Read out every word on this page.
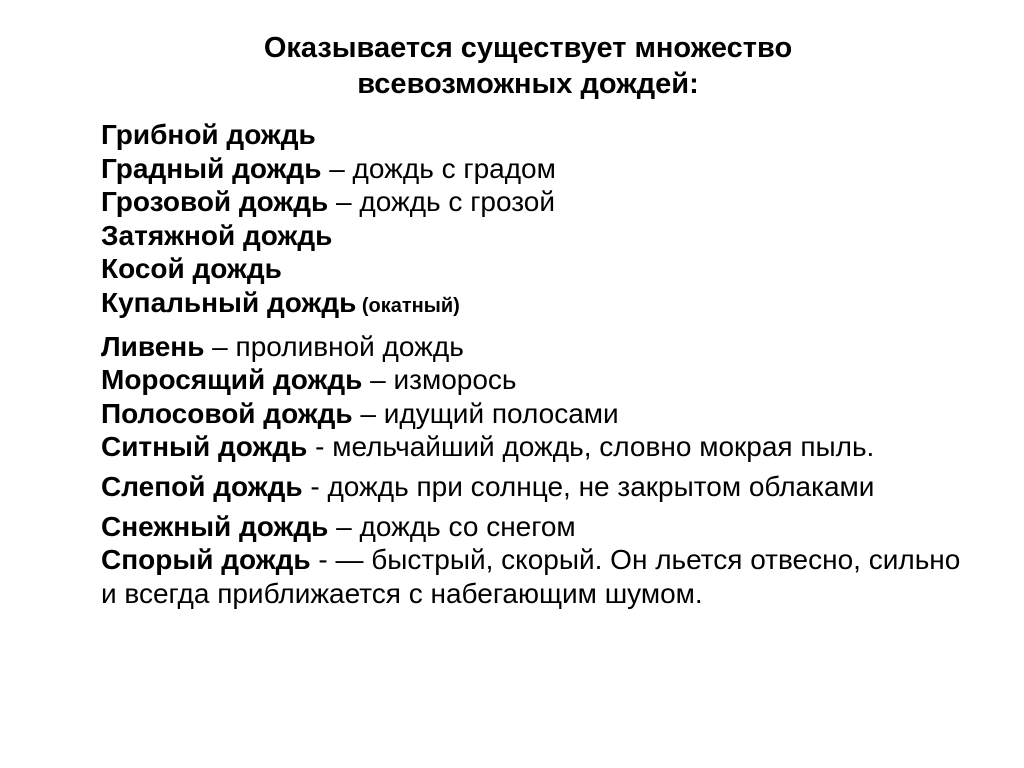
Оказывается существует множество
всевозможных дождей:

Грибной дождь

Градный дождь – дождь с градом

Грозовой дождь – дождь с грозой

Затяжной дождь

Косой дождь

Купальный дождь (окатный)

Ливень – проливной дождь

Моросящий дождь – изморось

Полосовой дождь – идущий полосами

Ситный дождь - мельчайший дождь, словно мокрая пыль.

Слепой дождь - дождь при солнце, не закрытом облаками

Снежный дождь – дождь со снегом

Спорый дождь - — быстрый, скорый. Он льется отвесно, сильно и всегда приближается с набегающим шумом.
